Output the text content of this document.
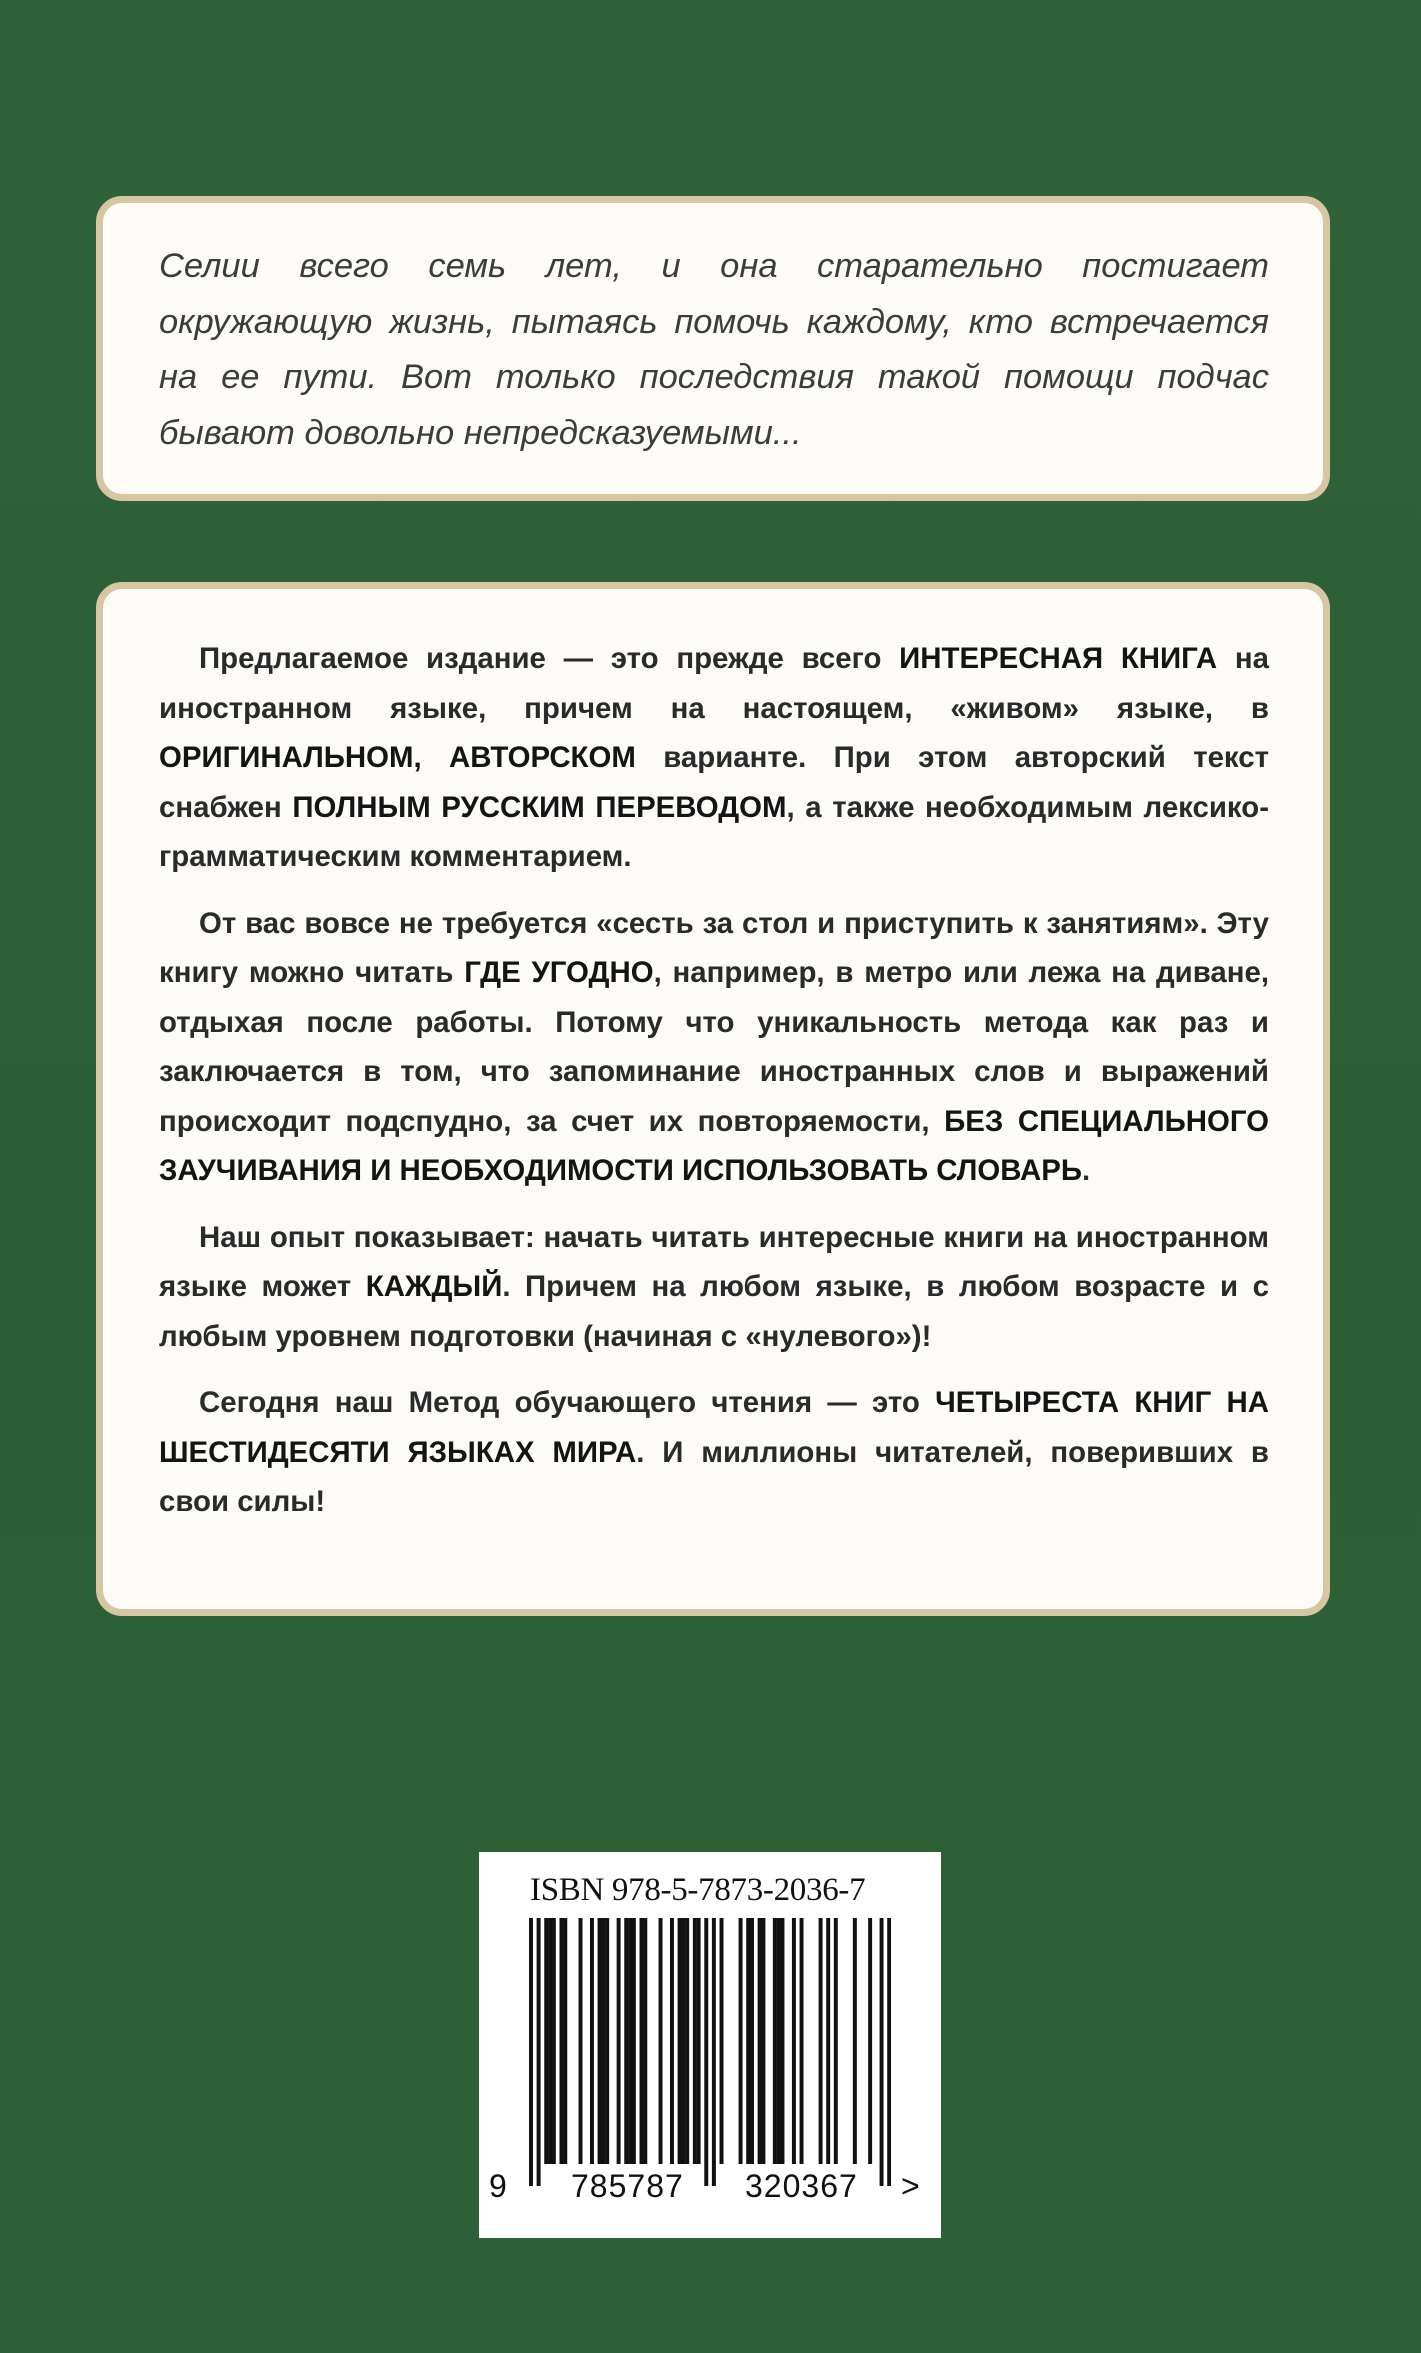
Селии всего семь лет, и она старательно постигает окружающую жизнь, пытаясь помочь каждому, кто встречается на ее пути. Вот только последствия такой помощи подчас бывают довольно непредсказуемыми...

Предлагаемое издание — это прежде всего ИНТЕРЕСНАЯ КНИГА на иностранном языке, причем на настоящем, «живом» языке, в ОРИГИНАЛЬНОМ, АВТОРСКОМ варианте. При этом авторский текст снабжен ПОЛНЫМ РУССКИМ ПЕРЕВОДОМ, а также необходимым лексико-грамматическим комментарием.

От вас вовсе не требуется «сесть за стол и приступить к занятиям». Эту книгу можно читать ГДЕ УГОДНО, например, в метро или лежа на диване, отдыхая после работы. Потому что уникальность метода как раз и заключается в том, что запоминание иностранных слов и выражений происходит подспудно, за счет их повторяемости, БЕЗ СПЕЦИАЛЬНОГО ЗАУЧИВАНИЯ И НЕОБХОДИМОСТИ ИСПОЛЬЗОВАТЬ СЛОВАРЬ.

Наш опыт показывает: начать читать интересные книги на иностранном языке может КАЖДЫЙ. Причем на любом языке, в любом возрасте и с любым уровнем подготовки (начиная с «нулевого»)!

Сегодня наш Метод обучающего чтения — это ЧЕТЫРЕСТА КНИГ НА ШЕСТИДЕСЯТИ ЯЗЫКАХ МИРА. И миллионы читателей, поверивших в свои силы!

ISBN 978-5-7873-2036-7
9 785787 320367 >
